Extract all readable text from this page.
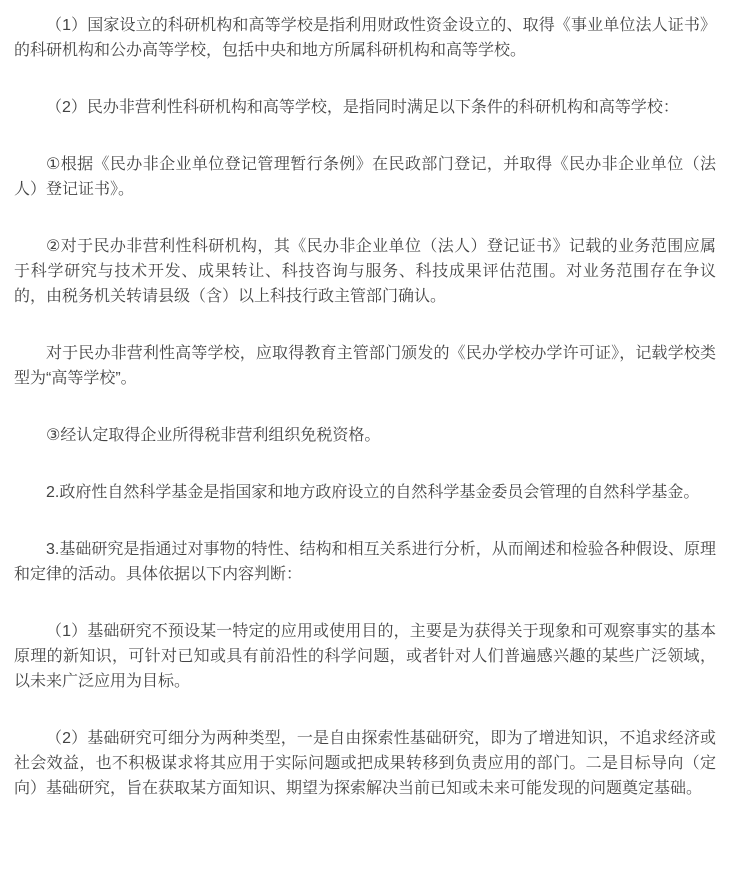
（1）国家设立的科研机构和高等学校是指利用财政性资金设立的、取得《事业单位法人证书》的科研机构和公办高等学校，包括中央和地方所属科研机构和高等学校。

（2）民办非营利性科研机构和高等学校，是指同时满足以下条件的科研机构和高等学校：

①根据《民办非企业单位登记管理暂行条例》在民政部门登记，并取得《民办非企业单位（法人）登记证书》。

②对于民办非营利性科研机构，其《民办非企业单位（法人）登记证书》记载的业务范围应属于科学研究与技术开发、成果转让、科技咨询与服务、科技成果评估范围。对业务范围存在争议的，由税务机关转请县级（含）以上科技行政主管部门确认。

对于民办非营利性高等学校，应取得教育主管部门颁发的《民办学校办学许可证》，记载学校类型为“高等学校”。

③经认定取得企业所得税非营利组织免税资格。

2.政府性自然科学基金是指国家和地方政府设立的自然科学基金委员会管理的自然科学基金。

3.基础研究是指通过对事物的特性、结构和相互关系进行分析，从而阐述和检验各种假设、原理和定律的活动。具体依据以下内容判断：

（1）基础研究不预设某一特定的应用或使用目的，主要是为获得关于现象和可观察事实的基本原理的新知识，可针对已知或具有前沿性的科学问题，或者针对人们普遍感兴趣的某些广泛领域，以未来广泛应用为目标。

（2）基础研究可细分为两种类型，一是自由探索性基础研究，即为了增进知识，不追求经济或社会效益，也不积极谋求将其应用于实际问题或把成果转移到负责应用的部门。二是目标导向（定向）基础研究，旨在获取某方面知识、期望为探索解决当前已知或未来可能发现的问题奠定基础。
